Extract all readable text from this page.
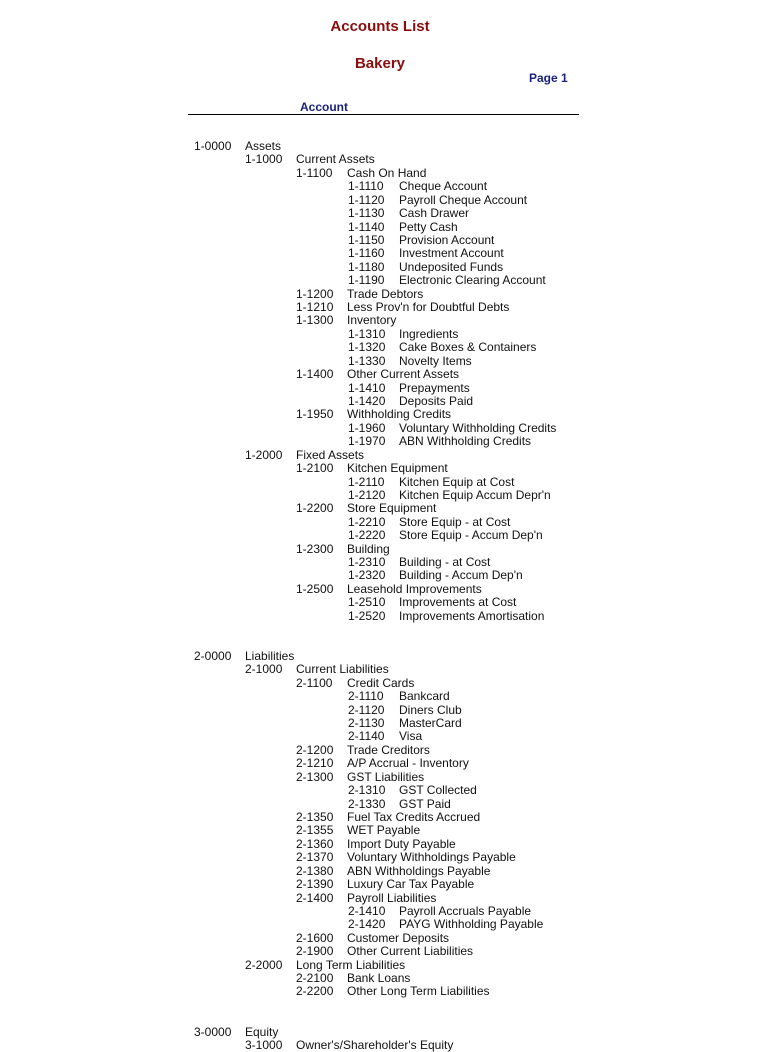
Accounts List
Bakery
Page 1
Account
1-0000 Assets
1-1000 Current Assets
1-1100 Cash On Hand
1-1110 Cheque Account
1-1120 Payroll Cheque Account
1-1130 Cash Drawer
1-1140 Petty Cash
1-1150 Provision Account
1-1160 Investment Account
1-1180 Undeposited Funds
1-1190 Electronic Clearing Account
1-1200 Trade Debtors
1-1210 Less Prov'n for Doubtful Debts
1-1300 Inventory
1-1310 Ingredients
1-1320 Cake Boxes & Containers
1-1330 Novelty Items
1-1400 Other Current Assets
1-1410 Prepayments
1-1420 Deposits Paid
1-1950 Withholding Credits
1-1960 Voluntary Withholding Credits
1-1970 ABN Withholding Credits
1-2000 Fixed Assets
1-2100 Kitchen Equipment
1-2110 Kitchen Equip at Cost
1-2120 Kitchen Equip Accum Depr'n
1-2200 Store Equipment
1-2210 Store Equip - at Cost
1-2220 Store Equip - Accum Dep'n
1-2300 Building
1-2310 Building - at Cost
1-2320 Building - Accum Dep'n
1-2500 Leasehold Improvements
1-2510 Improvements at Cost
1-2520 Improvements Amortisation
2-0000 Liabilities
2-1000 Current Liabilities
2-1100 Credit Cards
2-1110 Bankcard
2-1120 Diners Club
2-1130 MasterCard
2-1140 Visa
2-1200 Trade Creditors
2-1210 A/P Accrual - Inventory
2-1300 GST Liabilities
2-1310 GST Collected
2-1330 GST Paid
2-1350 Fuel Tax Credits Accrued
2-1355 WET Payable
2-1360 Import Duty Payable
2-1370 Voluntary Withholdings Payable
2-1380 ABN Withholdings Payable
2-1390 Luxury Car Tax Payable
2-1400 Payroll Liabilities
2-1410 Payroll Accruals Payable
2-1420 PAYG Withholding Payable
2-1600 Customer Deposits
2-1900 Other Current Liabilities
2-2000 Long Term Liabilities
2-2100 Bank Loans
2-2200 Other Long Term Liabilities
3-0000 Equity
3-1000 Owner's/Shareholder's Equity
